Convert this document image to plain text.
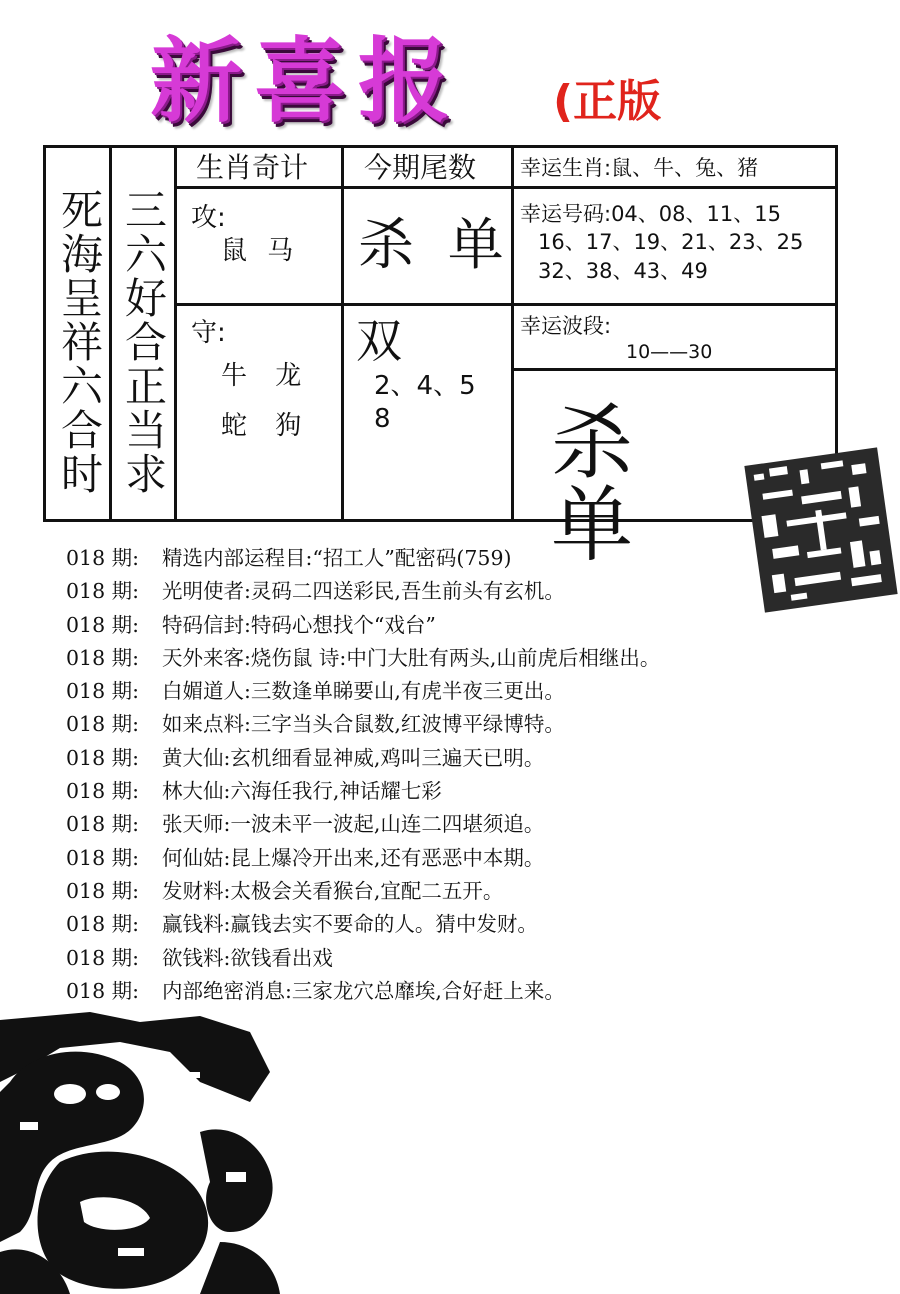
新喜报 (正版
死海呈祥六合时 三六好合正当求
生肖奇计 今期尾数 幸运生肖:鼠、牛、兔、猪
攻:
鼠 马 杀 单 幸运号码:04、08、11、15
16、17、19、21、23、25
32、38、43、49
守:
牛 龙
蛇 狗
双
2、4、5
8
幸运波段:
10——30
杀 单
018 期: 精选内部运程目:“招工人”配密码(759)
018 期: 光明使者:灵码二四送彩民,吾生前头有玄机。
018 期: 特码信封:特码心想找个“戏台”
018 期: 天外来客:烧伤鼠 诗:中门大肚有两头,山前虎后相继出。
018 期: 白媚道人:三数逢单睇要山,有虎半夜三更出。
018 期: 如来点料:三字当头合鼠数,红波博平绿博特。
018 期: 黄大仙:玄机细看显神威,鸡叫三遍天已明。
018 期: 林大仙:六海任我行,神话耀七彩
018 期: 张天师:一波未平一波起,山连二四堪须追。
018 期: 何仙姑:昆上爆冷开出来,还有恶恶中本期。
018 期: 发财料:太极会关看猴台,宜配二五开。
018 期: 赢钱料:赢钱去实不要命的人。猜中发财。
018 期: 欲钱料:欲钱看出戏
018 期: 内部绝密消息:三家龙穴总靡埃,合好赶上来。
